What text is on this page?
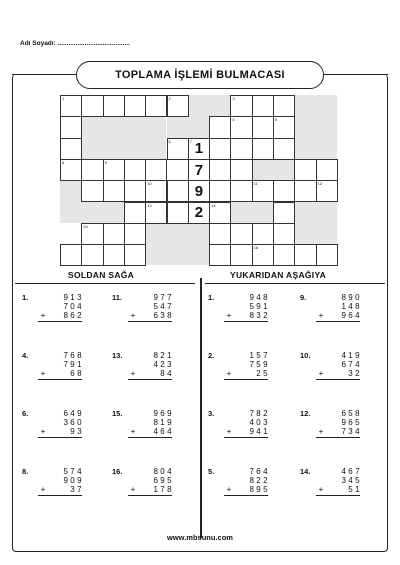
Adı Soyadı: ........................................
TOPLAMA İŞLEMİ BULMACASI
1	2	3
4	5
6	7 1
8	9	7
10	9	11	12
13	2	14
15
16
SOLDAN SAĞA	YUKARIDAN AŞAĞIYA
1.	913
704
+	862
11.	977
547
+	638
1.	948
591
+	832
9.	890
148
+	964
4.	768
791
+	68
13.	821
423
+	84
2.	157
759
+	25
10.	419
674
+	32
6.	649
360
+	93
15.	969
819
+	464
3.	782
403
+	941
12.	658
965
+	734
8.	574
909
+	37
16.	804
695
+	178
5.	764
822
+	895
14.	467
345
+	51
www.mbsunu.com
